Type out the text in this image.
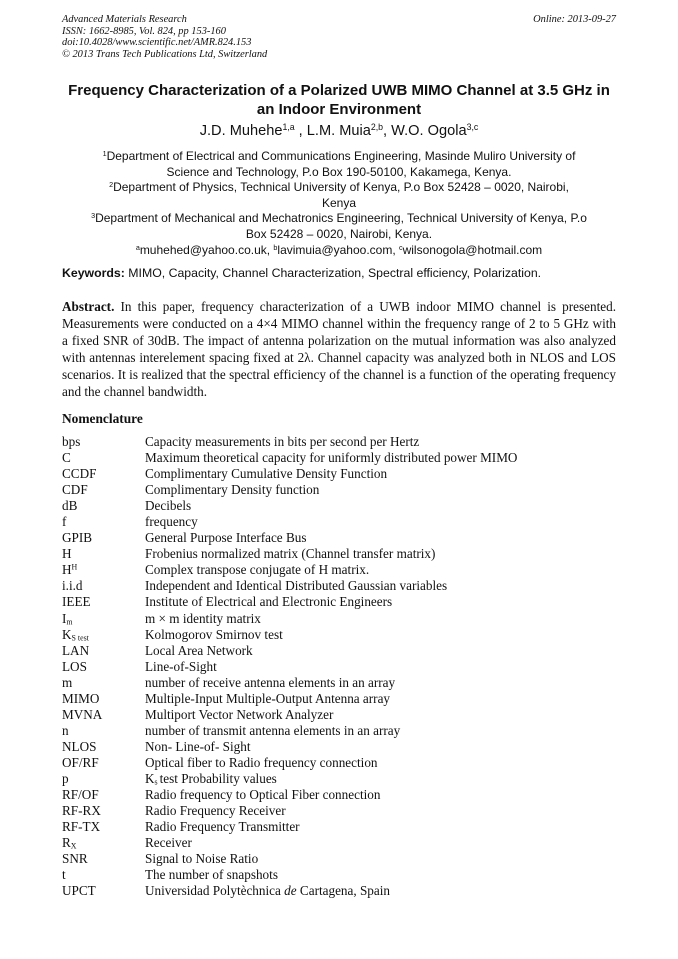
Advanced Materials Research
ISSN: 1662-8985, Vol. 824, pp 153-160
doi:10.4028/www.scientific.net/AMR.824.153
© 2013 Trans Tech Publications Ltd, Switzerland
Online: 2013-09-27
Frequency Characterization of a Polarized UWB MIMO Channel at 3.5 GHz in an Indoor Environment
J.D. Muhehe$^{1,a}$ , L.M. Muia$^{2,b}$, W.O. Ogola$^{3,c}$
$^1$Department of Electrical and Communications Engineering, Masinde Muliro University of
Science and Technology, P.o Box 190-50100, Kakamega, Kenya.
$^2$Department of Physics, Technical University of Kenya, P.o Box 52428 – 0020, Nairobi,
Kenya
$^3$Department of Mechanical and Mechatronics Engineering, Technical University of Kenya, P.o
Box 52428 – 0020, Nairobi, Kenya.
$^a$muhehed@yahoo.co.uk, $^b$lavimuia@yahoo.com, $^c$wilsonogola@hotmail.com
Keywords: MIMO, Capacity, Channel Characterization, Spectral efficiency, Polarization.
Abstract. In this paper, frequency characterization of a UWB indoor MIMO channel is presented. Measurements were conducted on a 4×4 MIMO channel within the frequency range of 2 to 5 GHz with a fixed SNR of 30dB. The impact of antenna polarization on the mutual information was also analyzed with antennas interelement spacing fixed at 2λ. Channel capacity was analyzed both in NLOS and LOS scenarios. It is realized that the spectral efficiency of the channel is a function of the operating frequency and the channel bandwidth.
Nomenclature
bps	Capacity measurements in bits per second per Hertz
C	Maximum theoretical capacity for uniformly distributed power MIMO
CCDF	Complimentary Cumulative Density Function
CDF	Complimentary Density function
dB	Decibels
f	frequency
GPIB	General Purpose Interface Bus
H	Frobenius normalized matrix (Channel transfer matrix)
$H^H$	Complex transpose conjugate of H matrix.
i.i.d	Independent and Identical Distributed Gaussian variables
IEEE	Institute of Electrical and Electronic Engineers
$I_m$	m × m identity matrix
$K_{S test}$	Kolmogorov Smirnov test
LAN	Local Area Network
LOS	Line-of-Sight
m	number of receive antenna elements in an array
MIMO	Multiple-Input Multiple-Output Antenna array
MVNA	Multiport Vector Network Analyzer
n	number of transmit antenna elements in an array
NLOS	Non- Line-of- Sight
OF/RF	Optical fiber to Radio frequency connection
p	$K_s$ test Probability values
RF/OF	Radio frequency to Optical Fiber connection
RF-RX	Radio Frequency Receiver
RF-TX	Radio Frequency Transmitter
$R_X$	Receiver
SNR	Signal to Noise Ratio
t	The number of snapshots
UPCT	Universidad Polytèchnica de Cartagena, Spain
